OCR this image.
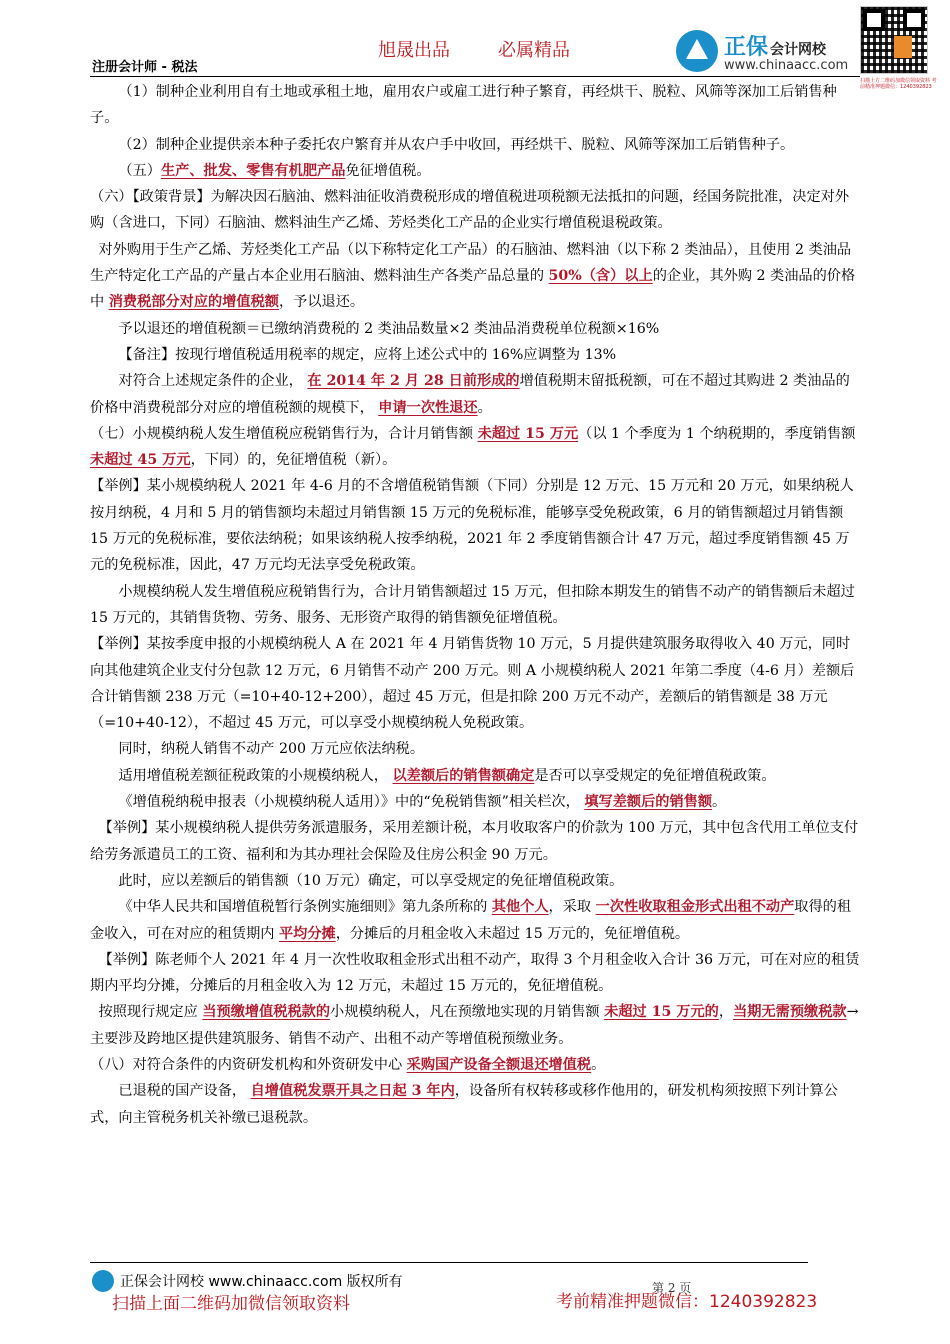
旭晟出品	必属精品
注册会计师 - 税法
正保 会计网校
www.chinaacc.com
扫描上方二维码加微信领取资料 考前精准押题微信：1240392823

（1）制种企业利用自有土地或承租土地，雇用农户或雇工进行种子繁育，再经烘干、脱粒、风筛等深加工后销售种子。

（2）制种企业提供亲本种子委托农户繁育并从农户手中收回，再经烘干、脱粒、风筛等深加工后销售种子。

（五）生产、批发、零售有机肥产品免征增值税。

（六）【政策背景】为解决因石脑油、燃料油征收消费税形成的增值税进项税额无法抵扣的问题，经国务院批准，决定对外购（含进口，下同）石脑油、燃料油生产乙烯、芳烃类化工产品的企业实行增值税退税政策。

对外购用于生产乙烯、芳烃类化工产品（以下称特定化工产品）的石脑油、燃料油（以下称 2 类油品），且使用 2 类油品生产特定化工产品的产量占本企业用石脑油、燃料油生产各类产品总量的 50%（含）以上的企业，其外购 2 类油品的价格中 消费税部分对应的增值税额，予以退还。

予以退还的增值税额＝已缴纳消费税的 2 类油品数量×2 类油品消费税单位税额×16%

【备注】按现行增值税适用税率的规定，应将上述公式中的 16%应调整为 13%

对符合上述规定条件的企业， 在 2014 年 2 月 28 日前形成的增值税期末留抵税额，可在不超过其购进 2 类油品的价格中消费税部分对应的增值税额的规模下， 申请一次性退还。

（七）小规模纳税人发生增值税应税销售行为，合计月销售额 未超过 15 万元（以 1 个季度为 1 个纳税期的，季度销售额 未超过 45 万元，下同）的，免征增值税（新）。

【举例】某小规模纳税人 2021 年 4-6 月的不含增值税销售额（下同）分别是 12 万元、15 万元和 20 万元，如果纳税人按月纳税，4 月和 5 月的销售额均未超过月销售额 15 万元的免税标准，能够享受免税政策，6 月的销售额超过月销售额 15 万元的免税标准，要依法纳税；如果该纳税人按季纳税，2021 年 2 季度销售额合计 47 万元，超过季度销售额 45 万元的免税标准，因此，47 万元均无法享受免税政策。

小规模纳税人发生增值税应税销售行为，合计月销售额超过 15 万元，但扣除本期发生的销售不动产的销售额后未超过 15 万元的，其销售货物、劳务、服务、无形资产取得的销售额免征增值税。

【举例】某按季度申报的小规模纳税人 A 在 2021 年 4 月销售货物 10 万元，5 月提供建筑服务取得收入 40 万元，同时向其他建筑企业支付分包款 12 万元，6 月销售不动产 200 万元。则 A 小规模纳税人 2021 年第二季度（4-6 月）差额后合计销售额 238 万元（=10+40-12+200），超过 45 万元，但是扣除 200 万元不动产，差额后的销售额是 38 万元（=10+40-12），不超过 45 万元，可以享受小规模纳税人免税政策。

同时，纳税人销售不动产 200 万元应依法纳税。

适用增值税差额征税政策的小规模纳税人， 以差额后的销售额确定是否可以享受规定的免征增值税政策。

《增值税纳税申报表（小规模纳税人适用）》中的“免税销售额”相关栏次， 填写差额后的销售额。

【举例】某小规模纳税人提供劳务派遣服务，采用差额计税，本月收取客户的价款为 100 万元，其中包含代用工单位支付给劳务派遣员工的工资、福利和为其办理社会保险及住房公积金 90 万元。

此时，应以差额后的销售额（10 万元）确定，可以享受规定的免征增值税政策。

《中华人民共和国增值税暂行条例实施细则》第九条所称的 其他个人，采取 一次性收取租金形式出租不动产取得的租金收入，可在对应的租赁期内 平均分摊，分摊后的月租金收入未超过 15 万元的，免征增值税。

【举例】陈老师个人 2021 年 4 月一次性收取租金形式出租不动产，取得 3 个月租金收入合计 36 万元，可在对应的租赁期内平均分摊，分摊后的月租金收入为 12 万元，未超过 15 万元的，免征增值税。

按照现行规定应 当预缴增值税税款的小规模纳税人，凡在预缴地实现的月销售额 未超过 15 万元的，当期无需预缴税款→主要涉及跨地区提供建筑服务、销售不动产、出租不动产等增值税预缴业务。

（八）对符合条件的内资研发机构和外资研发中心 采购国产设备全额退还增值税。

已退税的国产设备， 自增值税发票开具之日起 3 年内，设备所有权转移或移作他用的，研发机构须按照下列计算公式，向主管税务机关补缴已退税款。

正保会计网校 www.chinaacc.com 版权所有	第 2 页
扫描上面二维码加微信领取资料	考前精准押题微信：1240392823
